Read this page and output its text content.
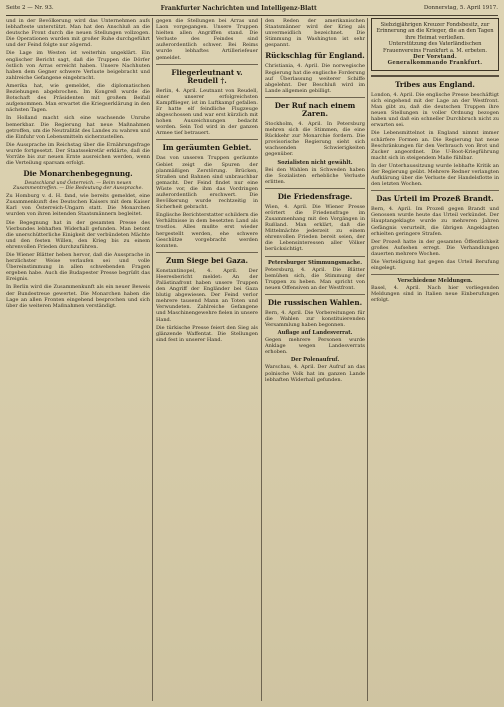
Seite 2 — Nr. 93.	Frankfurter Nachrichten und Intelligenz-Blatt	Donnerstag, 5. April 1917.

und in der Bevölkerung wird das Unternehmen aufs lebhafteste unterstützt. Man hat den Anschluß an die deutsche Front durch die neuen Stellungen vollzogen. Die Operationen wurden mit großer Ruhe durchgeführt und der Feind folgte nur zögernd.

Die Lage im Westen ist weiterhin ungeklärt. Ein englischer Bericht sagt, daß die Truppen die Dörfer östlich von Arras erreicht haben. Unsere Nachhuten haben dem Gegner schwere Verluste beigebracht und zahlreiche Gefangene eingebracht.

Amerika hat, wie gemeldet, die diplomatischen Beziehungen abgebrochen. Im Kongreß wurde die Botschaft des Präsidenten mit großem Beifall aufgenommen. Man erwartet die Kriegserklärung in den nächsten Tagen.

In Holland macht sich eine wachsende Unruhe bemerkbar. Die Regierung hat neue Maßnahmen getroffen, um die Neutralität des Landes zu wahren und die Einfuhr von Lebensmitteln sicherzustellen.

Die Aussprache im Reichstag über die Ernährungsfrage wurde fortgesetzt. Der Staatssekretär erklärte, daß die Vorräte bis zur neuen Ernte ausreichen werden, wenn die Verteilung sparsam erfolgt.

Die Monarchenbegegnung.
Deutschland und Österreich. — Beim neuen Zusammentreffen. — Die Bedeutung der Aussprache.

Zu Homburg v. d. H. fand, wie bereits gemeldet, eine Zusammenkunft des Deutschen Kaisers mit dem Kaiser Karl von Österreich-Ungarn statt. Die Monarchen wurden von ihren leitenden Staatsmännern begleitet.

Die Begegnung hat in der gesamten Presse des Vierbundes lebhaften Widerhall gefunden. Man betont die unerschütterliche Einigkeit der verbündeten Mächte und den festen Willen, den Krieg bis zu einem ehrenvollen Frieden durchzuführen.

Die Wiener Blätter heben hervor, daß die Aussprache in herzlichster Weise verlaufen sei und volle Übereinstimmung in allen schwebenden Fragen ergeben habe. Auch die Budapester Presse begrüßt das Ereignis.

In Berlin wird die Zusammenkunft als ein neuer Beweis der Bundestreue gewertet. Die Monarchen haben die Lage an allen Fronten eingehend besprochen und sich über die weiteren Maßnahmen verständigt.

gegen die Stellungen bei Arras und Laon vorgegangen. Unsere Truppen hielten allen Angriffen stand. Die Verluste des Feindes sind außerordentlich schwer. Bei Reims wurde lebhaftes Artilleriefeuer gemeldet.

Fliegerleutnant v. Reudell †.

Berlin, 4. April. Leutnant von Reudell, einer unserer erfolgreichsten Kampfflieger, ist im Luftkampf gefallen. Er hatte elf feindliche Flugzeuge abgeschossen und war erst kürzlich mit hohen Auszeichnungen bedacht worden. Sein Tod wird in der ganzen Armee tief betrauert.

Im geräumten Gebiet.

Das von unseren Truppen geräumte Gebiet zeigt die Spuren der planmäßigen Zerstörung. Brücken, Straßen und Bahnen sind unbrauchbar gemacht. Der Feind findet nur eine Wüste vor, die ihm das Vordringen außerordentlich erschwert. Die Bevölkerung wurde rechtzeitig in Sicherheit gebracht.

Englische Berichterstatter schildern die Verhältnisse in dem besetzten Land als trostlos. Alles mußte erst wieder hergestellt werden, ehe schwere Geschütze vorgebracht werden konnten.

Zum Siege bei Gaza.

Konstantinopel, 4. April. Der Heeresbericht meldet: An der Palästinafront haben unsere Truppen den Angriff der Engländer bei Gaza blutig abgewiesen. Der Feind verlor mehrere tausend Mann an Toten und Verwundeten. Zahlreiche Gefangene und Maschinengewehre fielen in unsere Hand.

Die türkische Presse feiert den Sieg als glänzende Waffentat. Die Stellungen sind fest in unserer Hand.

den Reden der amerikanischen Staatsmänner wird der Krieg als unvermeidlich bezeichnet. Die Stimmung in Washington ist sehr gespannt.

Rückschlag für England.

Christiania, 4. April. Die norwegische Regierung hat die englische Forderung auf Überlassung weiterer Schiffe abgelehnt. Der Beschluß wird im Lande allgemein gebilligt.

Der Ruf nach einem Zaren.

Stockholm, 4. April. In Petersburg mehren sich die Stimmen, die eine Rückkehr zur Monarchie fordern. Die provisorische Regierung sieht sich wachsenden Schwierigkeiten gegenüber.

Sozialisten nicht gewählt.

Bei den Wahlen in Schweden haben die Sozialisten erhebliche Verluste erlitten.

Die Friedensfrage.

Wien, 4. April. Die Wiener Presse erörtert die Friedensfrage im Zusammenhang mit den Vorgängen in Rußland. Man erklärt, daß die Mittelmächte jederzeit zu einem ehrenvollen Frieden bereit seien, der die Lebensinteressen aller Völker berücksichtigt.

Petersburger Stimmungsmache.

Petersburg, 4. April. Die Blätter bemühen sich, die Stimmung der Truppen zu heben. Man spricht von neuen Offensiven an der Westfront.

Die russischen Wahlen.

Bern, 4. April. Die Vorbereitungen für die Wahlen zur konstituierenden Versammlung haben begonnen.

Auflage auf Landesverrat.

Gegen mehrere Personen wurde Anklage wegen Landesverrats erhoben.

Der Polenaufruf.

Warschau, 4. April. Der Aufruf an das polnische Volk hat im ganzen Lande lebhaften Widerhall gefunden.

Siebzigjährigen Kreuzer Fondsbesitz, zur Erinnerung an die Krieger, die an den Tagen ihre Heimat verließen.
Unterstützung des Vaterländischen Frauenvereins Frankfurt a. M. erbeten.
Der Vorstand.
Generalkommando Frankfurt.
Tribes aus England.

London, 4. April. Die englische Presse beschäftigt sich eingehend mit der Lage an der Westfront. Man gibt zu, daß die deutschen Truppen ihre neuen Stellungen in voller Ordnung bezogen haben und daß ein schneller Durchbruch nicht zu erwarten sei.

Die Lebensmittelnot in England nimmt immer schärfere Formen an. Die Regierung hat neue Beschränkungen für den Verbrauch von Brot und Zucker angeordnet. Die U-Boot-Kriegführung macht sich in steigendem Maße fühlbar.

In der Unterhaussitzung wurde lebhafte Kritik an der Regierung geübt. Mehrere Redner verlangten Aufklärung über die Verluste der Handelsflotte in den letzten Wochen.

Das Urteil im Prozeß Brandt.

Bern, 4. April. Im Prozeß gegen Brandt und Genossen wurde heute das Urteil verkündet. Der Hauptangeklagte wurde zu mehreren Jahren Gefängnis verurteilt, die übrigen Angeklagten erhielten geringere Strafen.

Der Prozeß hatte in der gesamten Öffentlichkeit großes Aufsehen erregt. Die Verhandlungen dauerten mehrere Wochen.

Die Verteidigung hat gegen das Urteil Berufung eingelegt.

Verschiedene Meldungen.

Basel, 4. April. Nach hier vorliegenden Meldungen sind in Italien neue Einberufungen erfolgt.
